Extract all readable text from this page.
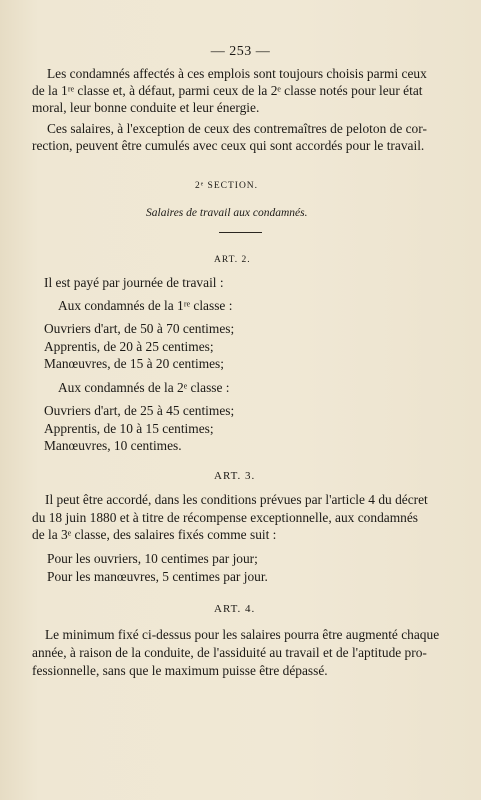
— 253 —
Les condamnés affectés à ces emplois sont toujours choisis parmi ceux
de la 1ʳᵉ classe et, à défaut, parmi ceux de la 2ᵉ classe notés pour leur état
moral, leur bonne conduite et leur énergie.
Ces salaires, à l'exception de ceux des contremaîtres de peloton de cor-
rection, peuvent être cumulés avec ceux qui sont accordés pour le travail.
2ᵉ SECTION.
Salaires de travail aux condamnés.
ART. 2.
Il est payé par journée de travail :
Aux condamnés de la 1ʳᵉ classe :
Ouvriers d'art, de 50 à 70 centimes;
Apprentis, de 20 à 25 centimes;
Manœuvres, de 15 à 20 centimes;
Aux condamnés de la 2ᵉ classe :
Ouvriers d'art, de 25 à 45 centimes;
Apprentis, de 10 à 15 centimes;
Manœuvres, 10 centimes.
ART. 3.
Il peut être accordé, dans les conditions prévues par l'article 4 du décret
du 18 juin 1880 et à titre de récompense exceptionnelle, aux condamnés
de la 3ᵉ classe, des salaires fixés comme suit :
Pour les ouvriers, 10 centimes par jour;
Pour les manœuvres, 5 centimes par jour.
ART. 4.
Le minimum fixé ci-dessus pour les salaires pourra être augmenté chaque
année, à raison de la conduite, de l'assiduité au travail et de l'aptitude pro-
fessionnelle, sans que le maximum puisse être dépassé.
